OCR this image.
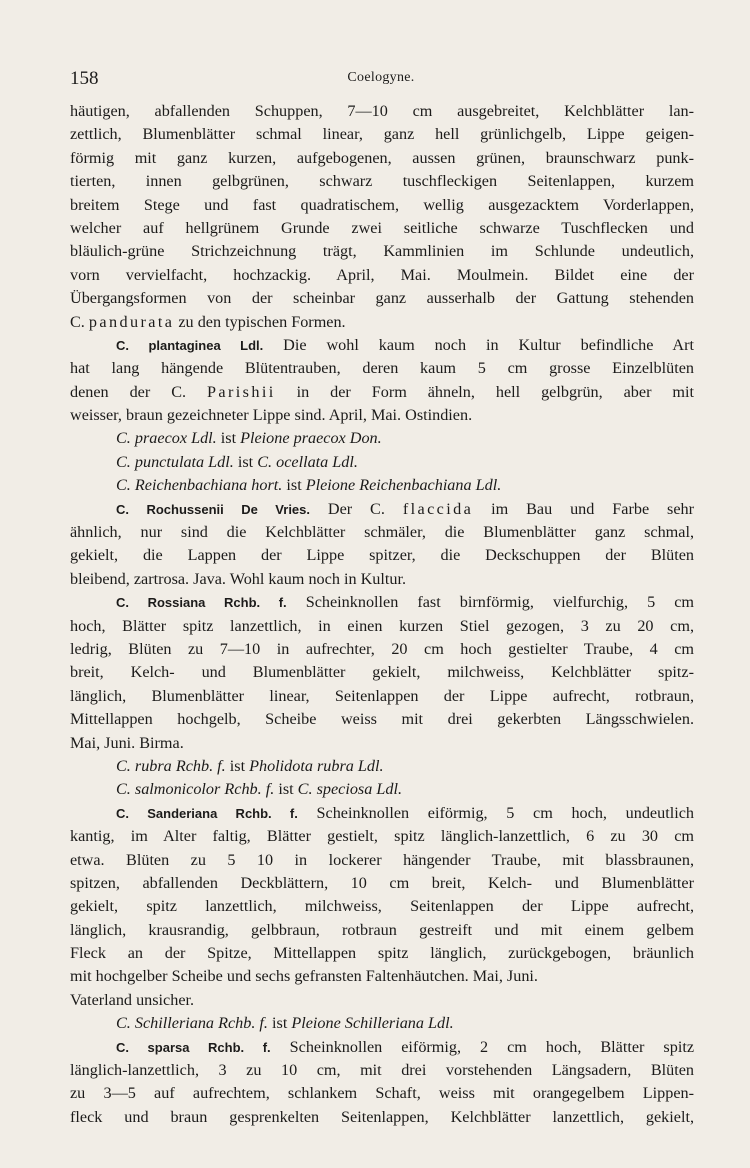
158	Coelogyne.
häutigen, abfallenden Schuppen, 7—10 cm ausgebreitet, Kelchblätter lan-
zettlich, Blumenblätter schmal linear, ganz hell grünlichgelb, Lippe geigen-
förmig mit ganz kurzen, aufgebogenen, aussen grünen, braunschwarz punk-
tierten, innen gelbgrünen, schwarz tuschfleckigen Seitenlappen, kurzem
breitem Stege und fast quadratischem, wellig ausgezacktem Vorderlappen,
welcher auf hellgrünem Grunde zwei seitliche schwarze Tuschflecken und
bläulich-grüne Strichzeichnung trägt, Kammlinien im Schlunde undeutlich,
vorn vervielfacht, hochzackig. April, Mai. Moulmein. Bildet eine der
Übergangsformen von der scheinbar ganz ausserhalb der Gattung stehenden
C. pandurata zu den typischen Formen.
C. plantaginea Ldl. Die wohl kaum noch in Kultur befindliche Art
hat lang hängende Blütentrauben, deren kaum 5 cm grosse Einzelblüten
denen der C. Parishii in der Form ähneln, hell gelbgrün, aber mit
weisser, braun gezeichneter Lippe sind. April, Mai. Ostindien.
C. praecox Ldl. ist Pleione praecox Don.
C. punctulata Ldl. ist C. ocellata Ldl.
C. Reichenbachiana hort. ist Pleione Reichenbachiana Ldl.
C. Rochussenii De Vries. Der C. flaccida im Bau und Farbe sehr
ähnlich, nur sind die Kelchblätter schmäler, die Blumenblätter ganz schmal,
gekielt, die Lappen der Lippe spitzer, die Deckschuppen der Blüten
bleibend, zartrosa. Java. Wohl kaum noch in Kultur.
C. Rossiana Rchb. f. Scheinknollen fast birnförmig, vielfurchig, 5 cm
hoch, Blätter spitz lanzettlich, in einen kurzen Stiel gezogen, 3 zu 20 cm,
ledrig, Blüten zu 7—10 in aufrechter, 20 cm hoch gestielter Traube, 4 cm
breit, Kelch- und Blumenblätter gekielt, milchweiss, Kelchblätter spitz-
länglich, Blumenblätter linear, Seitenlappen der Lippe aufrecht, rotbraun,
Mittellappen hochgelb, Scheibe weiss mit drei gekerbten Längsschwielen.
Mai, Juni. Birma.
C. rubra Rchb. f. ist Pholidota rubra Ldl.
C. salmonicolor Rchb. f. ist C. speciosa Ldl.
C. Sanderiana Rchb. f. Scheinknollen eiförmig, 5 cm hoch, undeutlich
kantig, im Alter faltig, Blätter gestielt, spitz länglich-lanzettlich, 6 zu 30 cm
etwa. Blüten zu 5 10 in lockerer hängender Traube, mit blassbraunen,
spitzen, abfallenden Deckblättern, 10 cm breit, Kelch- und Blumenblätter
gekielt, spitz lanzettlich, milchweiss, Seitenlappen der Lippe aufrecht,
länglich, krausrandig, gelbbraun, rotbraun gestreift und mit einem gelbem
Fleck an der Spitze, Mittellappen spitz länglich, zurückgebogen, bräunlich
mit hochgelber Scheibe und sechs gefransten Faltenhäutchen. Mai, Juni.
Vaterland unsicher.
C. Schilleriana Rchb. f. ist Pleione Schilleriana Ldl.
C. sparsa Rchb. f. Scheinknollen eiförmig, 2 cm hoch, Blätter spitz
länglich-lanzettlich, 3 zu 10 cm, mit drei vorstehenden Längsadern, Blüten
zu 3—5 auf aufrechtem, schlankem Schaft, weiss mit orangegelbem Lippen-
fleck und braun gesprenkelten Seitenlappen, Kelchblätter lanzettlich, gekielt,
